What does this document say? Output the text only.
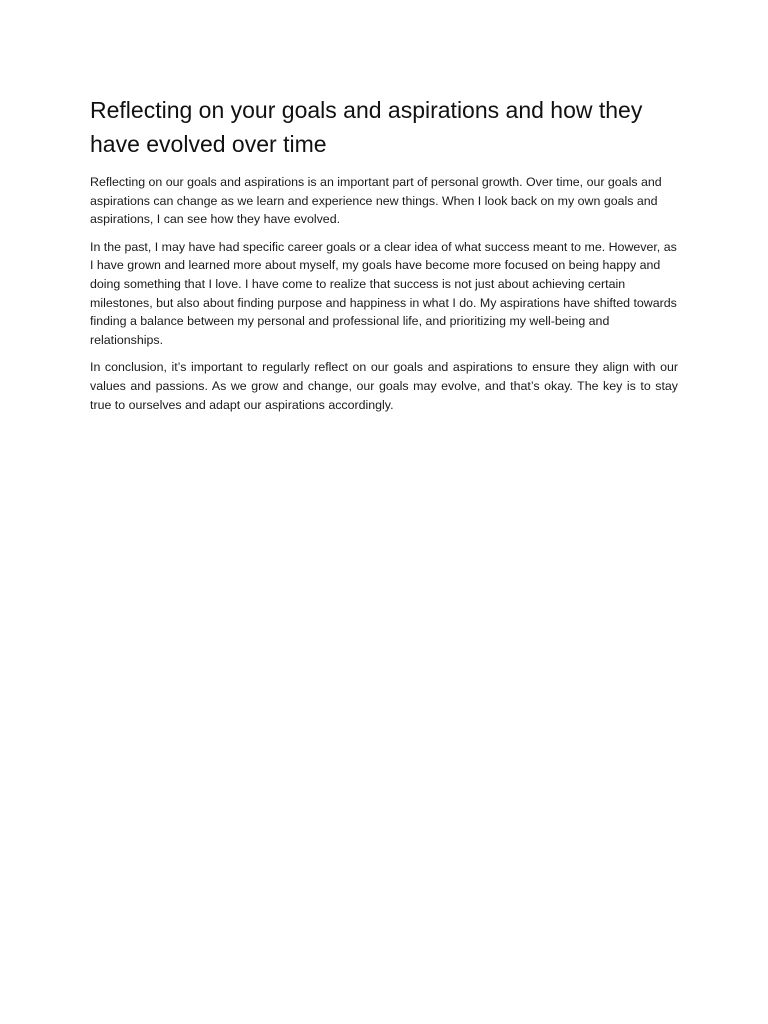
Reflecting on your goals and aspirations and how they have evolved over time

Reflecting on our goals and aspirations is an important part of personal growth. Over time, our goals and aspirations can change as we learn and experience new things. When I look back on my own goals and aspirations, I can see how they have evolved.

In the past, I may have had specific career goals or a clear idea of what success meant to me. However, as I have grown and learned more about myself, my goals have become more focused on being happy and doing something that I love. I have come to realize that success is not just about achieving certain milestones, but also about finding purpose and happiness in what I do. My aspirations have shifted towards finding a balance between my personal and professional life, and prioritizing my well-being and relationships.

In conclusion, it’s important to regularly reflect on our goals and aspirations to ensure they align with our values and passions. As we grow and change, our goals may evolve, and that’s okay. The key is to stay true to ourselves and adapt our aspirations accordingly.
